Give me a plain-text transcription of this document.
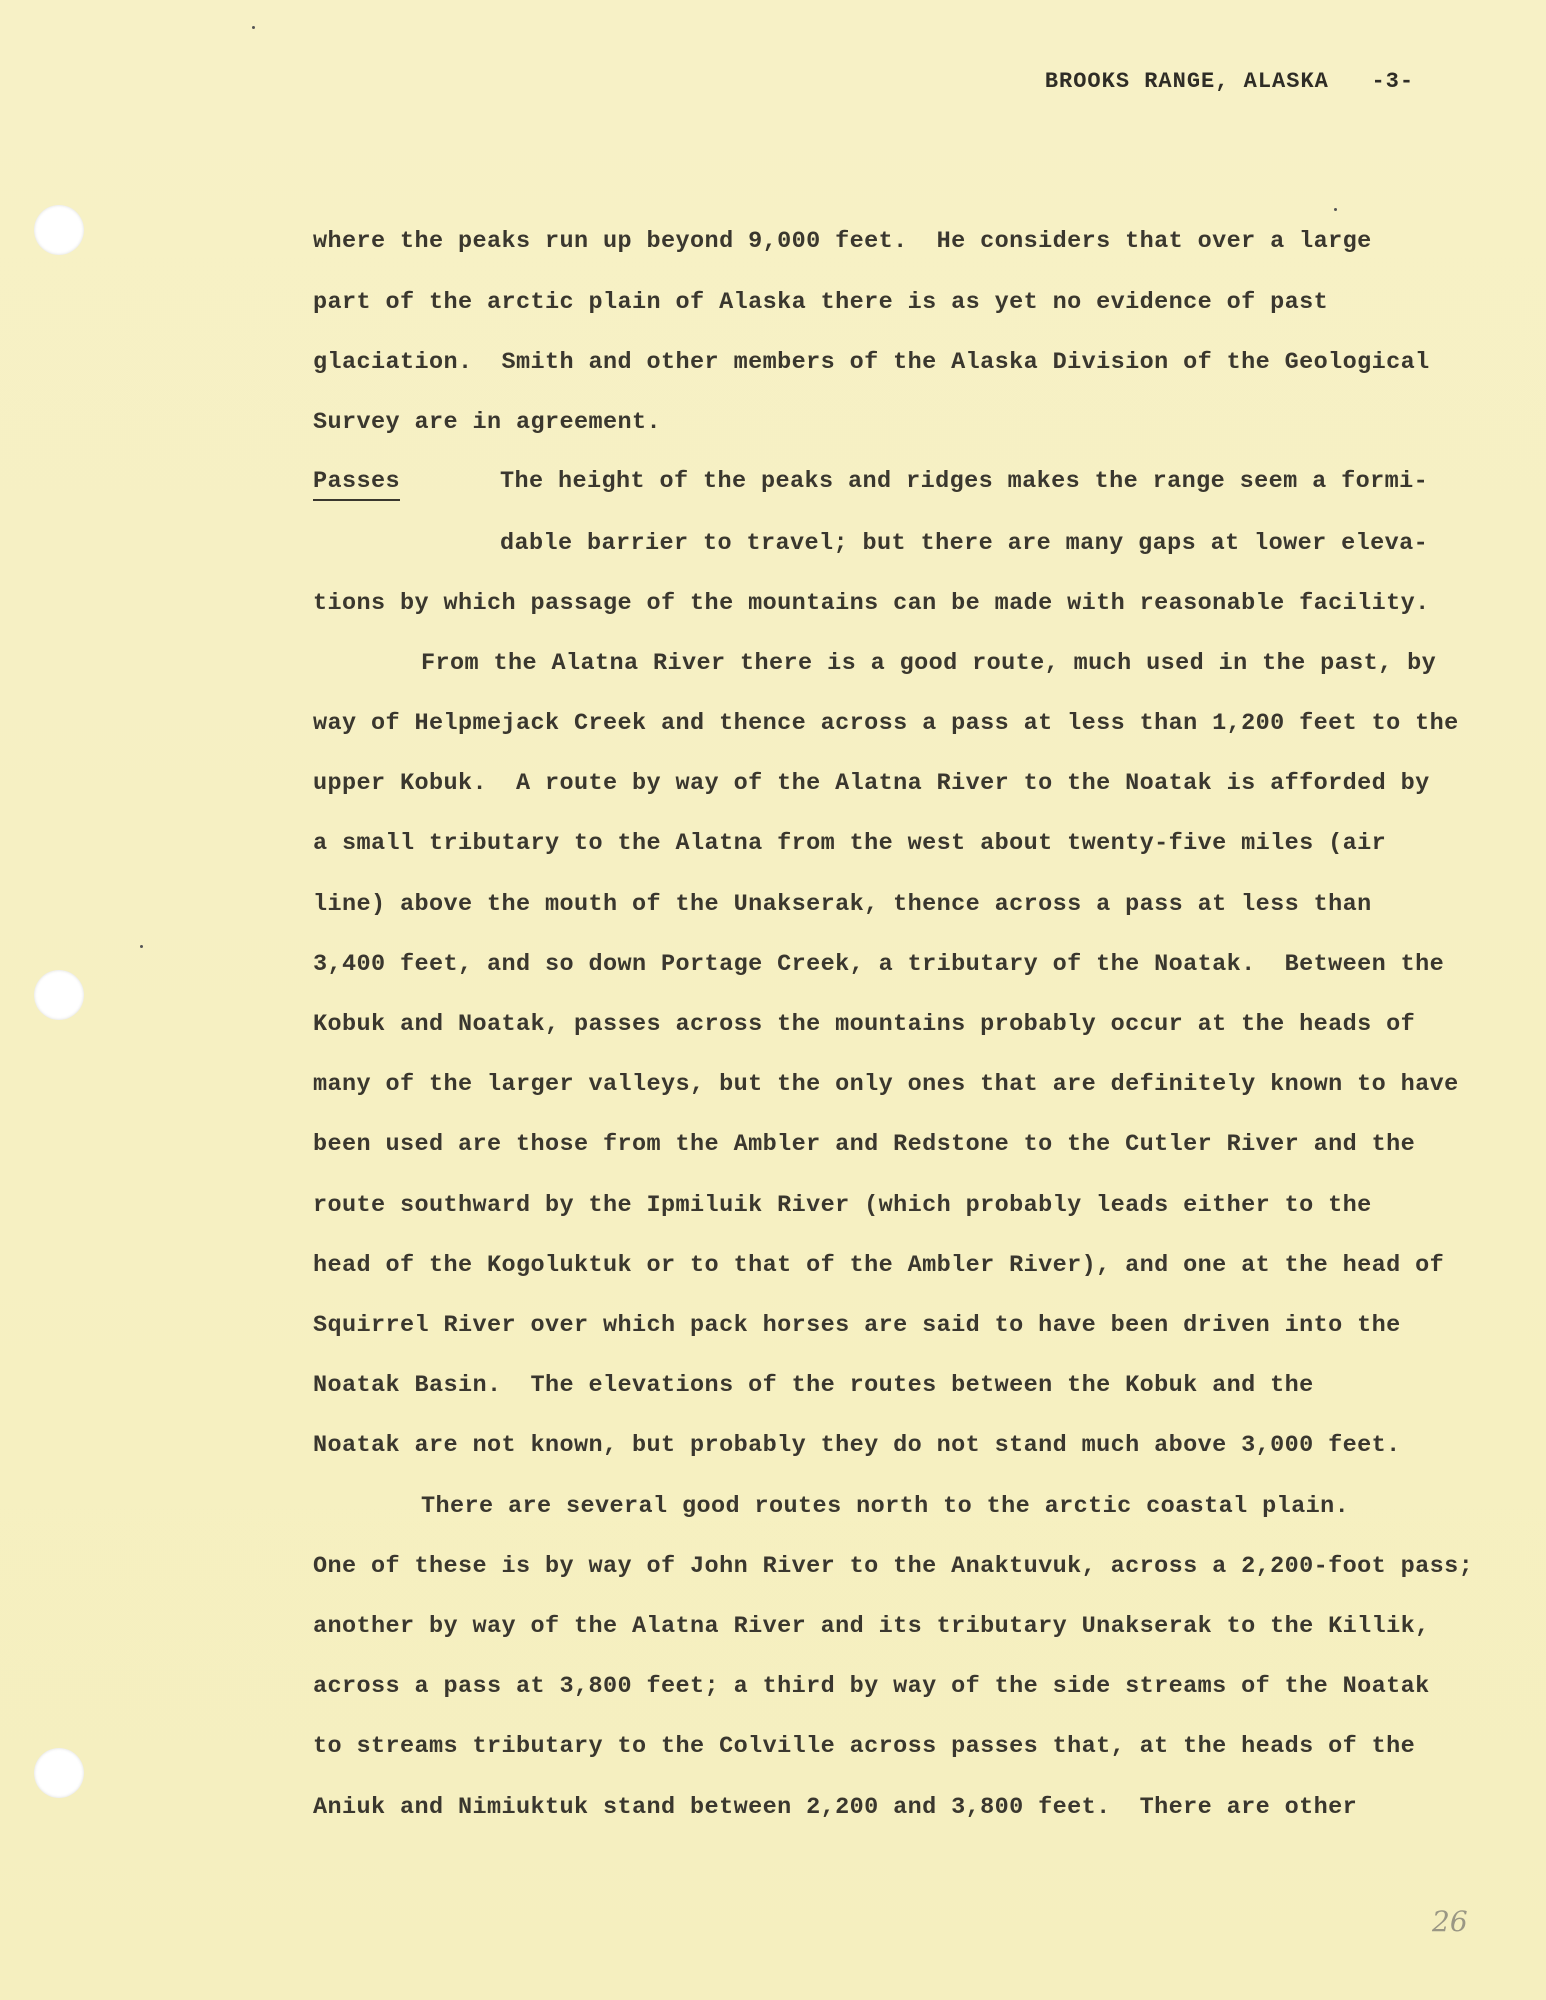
BROOKS RANGE, ALASKA -3-

where the peaks run up beyond 9,000 feet.  He considers that over a large
part of the arctic plain of Alaska there is as yet no evidence of past
glaciation.  Smith and other members of the Alaska Division of the Geological
Survey are in agreement.
Passes	The height of the peaks and ridges makes the range seem a formi-
dable barrier to travel; but there are many gaps at lower eleva-
tions by which passage of the mountains can be made with reasonable facility.
From the Alatna River there is a good route, much used in the past, by
way of Helpmejack Creek and thence across a pass at less than 1,200 feet to the
upper Kobuk.  A route by way of the Alatna River to the Noatak is afforded by
a small tributary to the Alatna from the west about twenty-five miles (air
line) above the mouth of the Unakserak, thence across a pass at less than
3,400 feet, and so down Portage Creek, a tributary of the Noatak.  Between the
Kobuk and Noatak, passes across the mountains probably occur at the heads of
many of the larger valleys, but the only ones that are definitely known to have
been used are those from the Ambler and Redstone to the Cutler River and the
route southward by the Ipmiluik River (which probably leads either to the
head of the Kogoluktuk or to that of the Ambler River), and one at the head of
Squirrel River over which pack horses are said to have been driven into the
Noatak Basin.  The elevations of the routes between the Kobuk and the
Noatak are not known, but probably they do not stand much above 3,000 feet.
There are several good routes north to the arctic coastal plain.
One of these is by way of John River to the Anaktuvuk, across a 2,200-foot pass;
another by way of the Alatna River and its tributary Unakserak to the Killik,
across a pass at 3,800 feet; a third by way of the side streams of the Noatak
to streams tributary to the Colville across passes that, at the heads of the
Aniuk and Nimiuktuk stand between 2,200 and 3,800 feet.  There are other
26
